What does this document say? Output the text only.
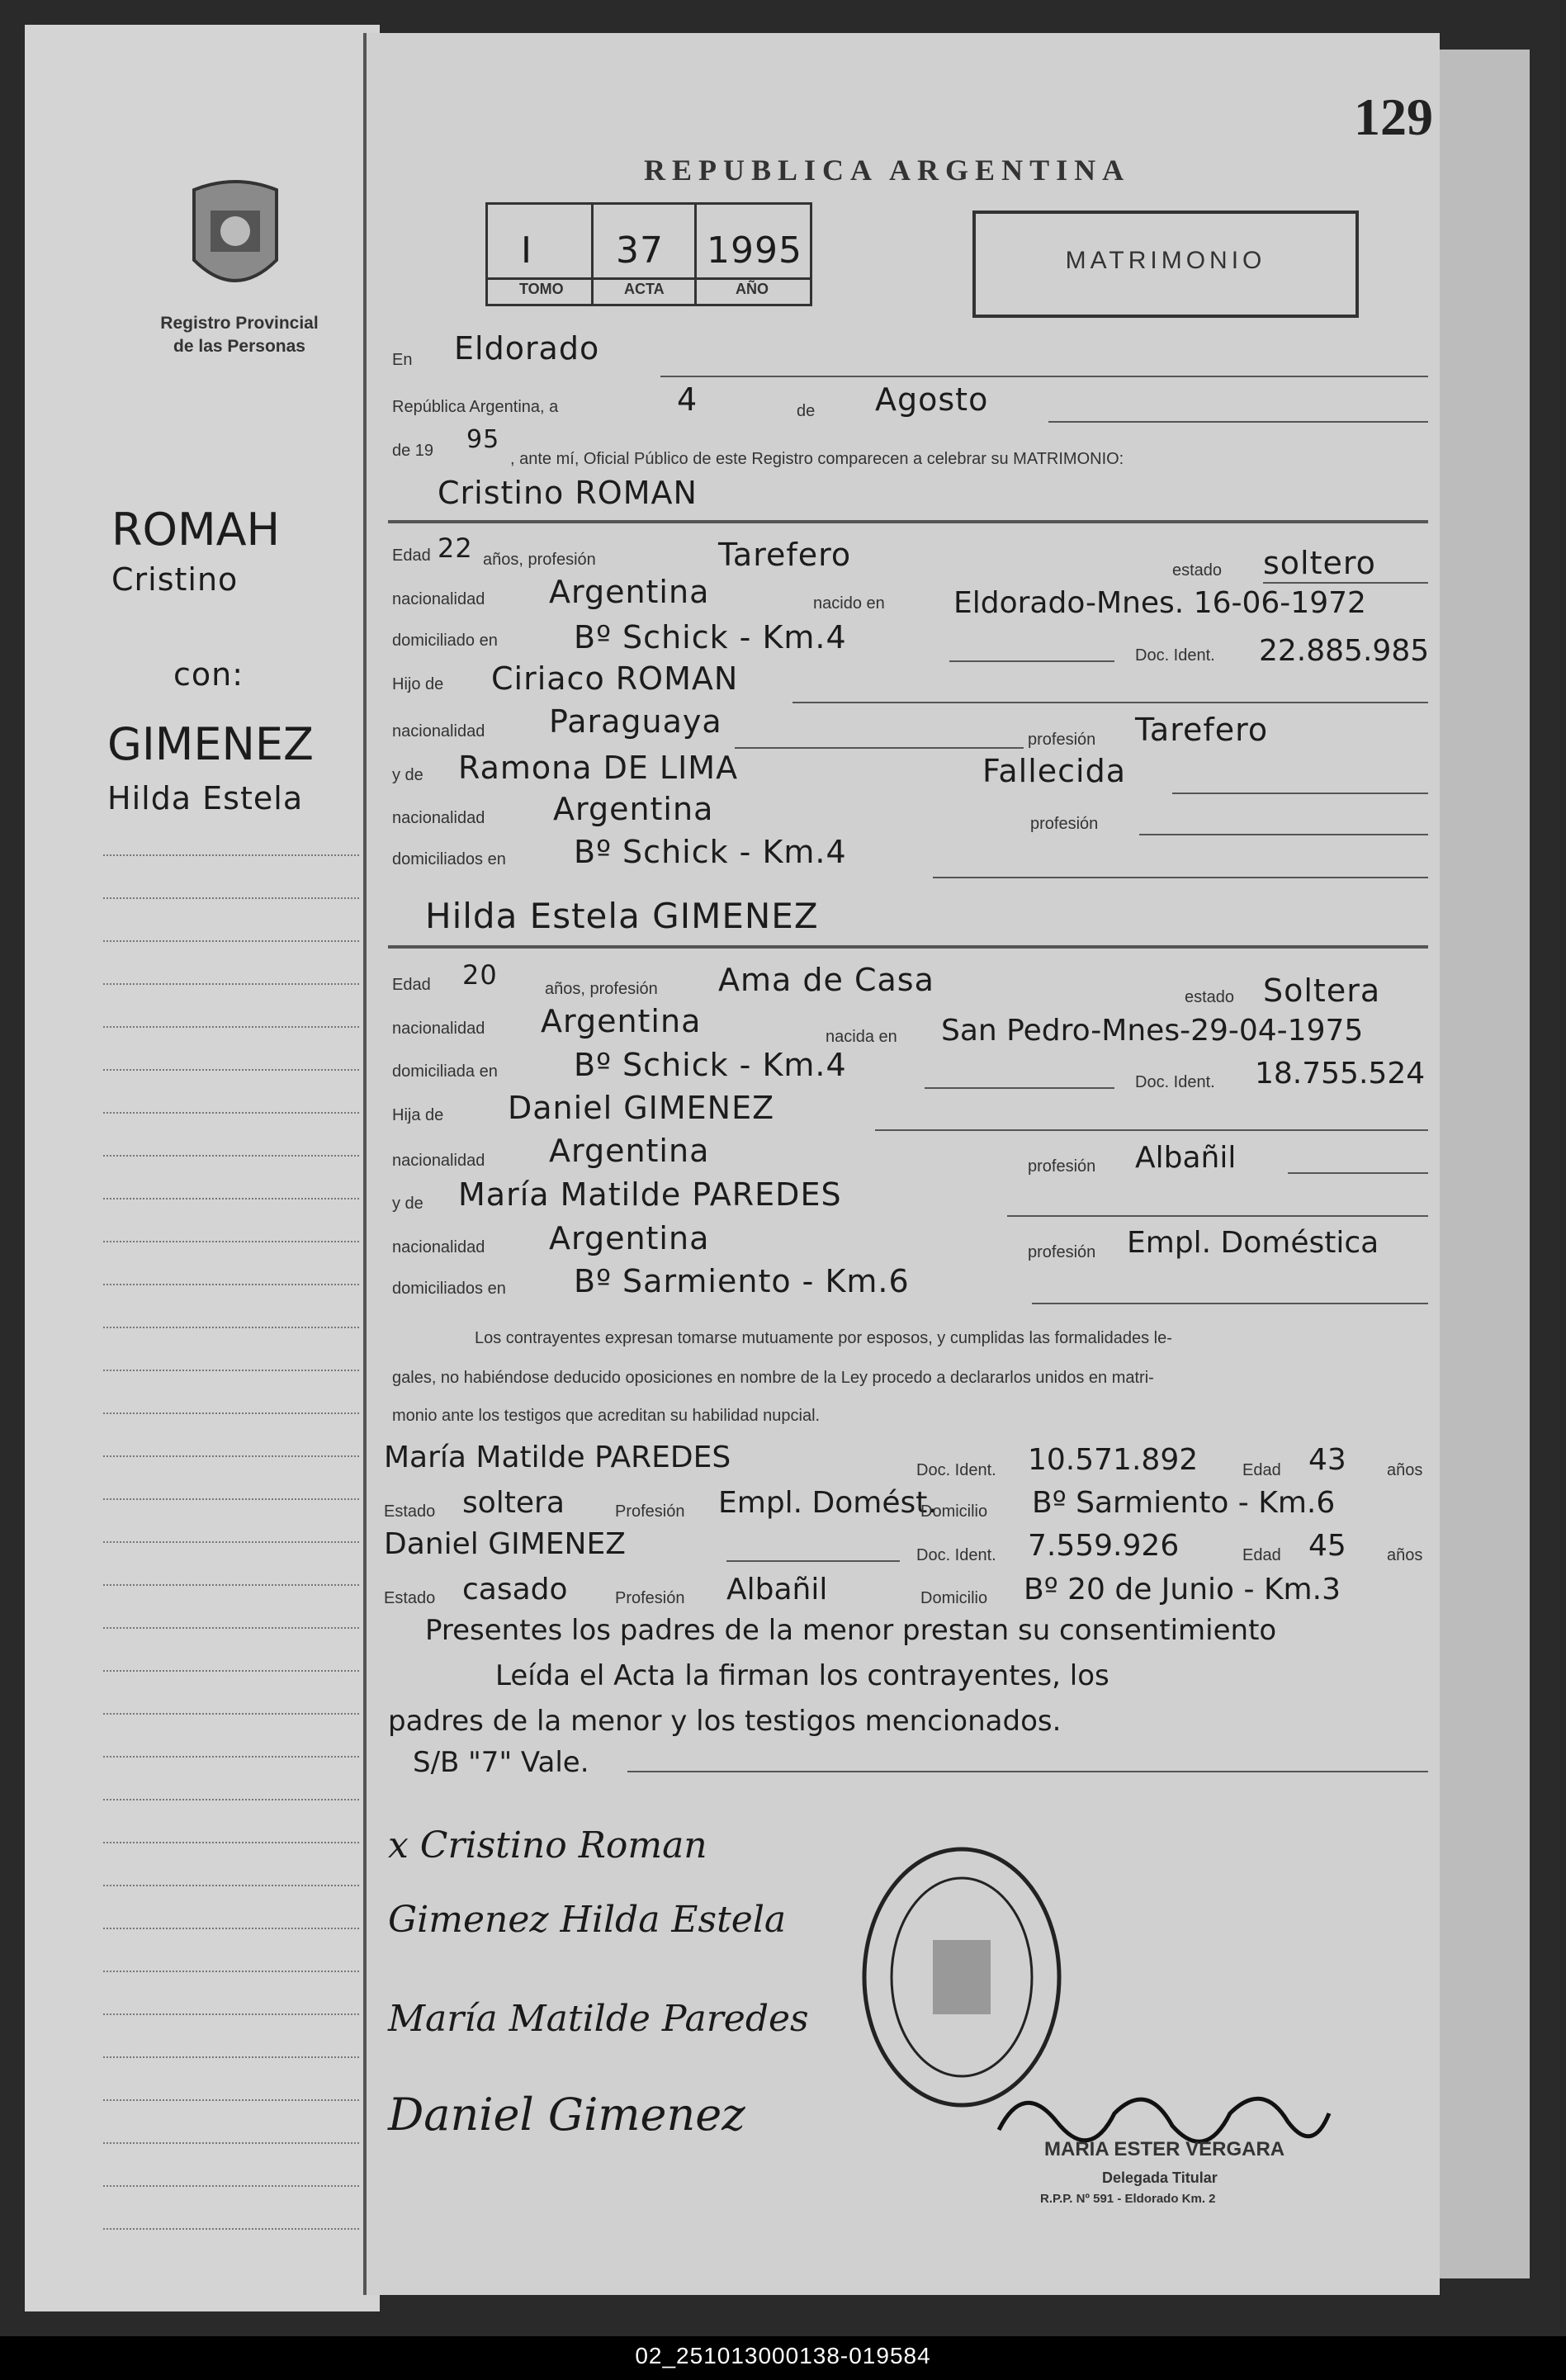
129
Registro Provincial
de las Personas
REPUBLICA ARGENTINA
I 37 1995
TOMO	ACTA	AÑO
MATRIMONIO
En Eldorado
República Argentina, a	4	de Agosto
de 19 95
, ante mí, Oficial Público de este Registro comparecen a celebrar su MATRIMONIO:
Cristino ROMAN
Edad 22 años, profesión	Tarefero	estado soltero
nacionalidad Argentina	nacido en Eldorado-Mnes. 16-06-1972
domiciliado en Bº Schick - Km.4	Doc. Ident. 22.885.985
Hijo de Ciriaco ROMAN
nacionalidad Paraguaya	profesión Tarefero
y de Ramona DE LIMA	Fallecida
nacionalidad Argentina	profesión
domiciliados en Bº Schick - Km.4
Hilda Estela GIMENEZ
Edad 20	años, profesión Ama de Casa	estado Soltera
nacionalidad Argentina	nacida en San Pedro-Mnes-29-04-1975
domiciliada en Bº Schick - Km.4	Doc. Ident. 18.755.524
Hija de Daniel GIMENEZ
nacionalidad Argentina	profesión Albañil
y de María Matilde PAREDES
nacionalidad Argentina	profesión Empl. Doméstica
domiciliados en Bº Sarmiento - Km.6
Los contrayentes expresan tomarse mutuamente por esposos, y cumplidas las formalidades le-
gales, no habiéndose deducido oposiciones en nombre de la Ley procedo a declararlos unidos en matri-
monio ante los testigos que acreditan su habilidad nupcial.
María Matilde PAREDES	Doc. Ident. 10.571.892	Edad 43 años
Estado soltera	Profesión Empl. Domést.
Domicilio Bº Sarmiento - Km.6
Daniel GIMENEZ	Doc. Ident. 7.559.926	Edad 45 años
Estado casado	Profesión Albañil	Domicilio Bº 20 de Junio - Km.3
Presentes los padres de la menor prestan su consentimiento
Leída el Acta la firman los contrayentes, los
padres de la menor y los testigos mencionados.
S/B "7" Vale.
x Cristino Roman
Gimenez Hilda Estela
María Matilde Paredes
Daniel Gimenez
MARIA ESTER VERGARA
Delegada Titular
R.P.P. Nº 591 - Eldorado Km. 2
ROMAH
Cristino
con:
GIMENEZ
Hilda Estela
02_251013000138-019584
